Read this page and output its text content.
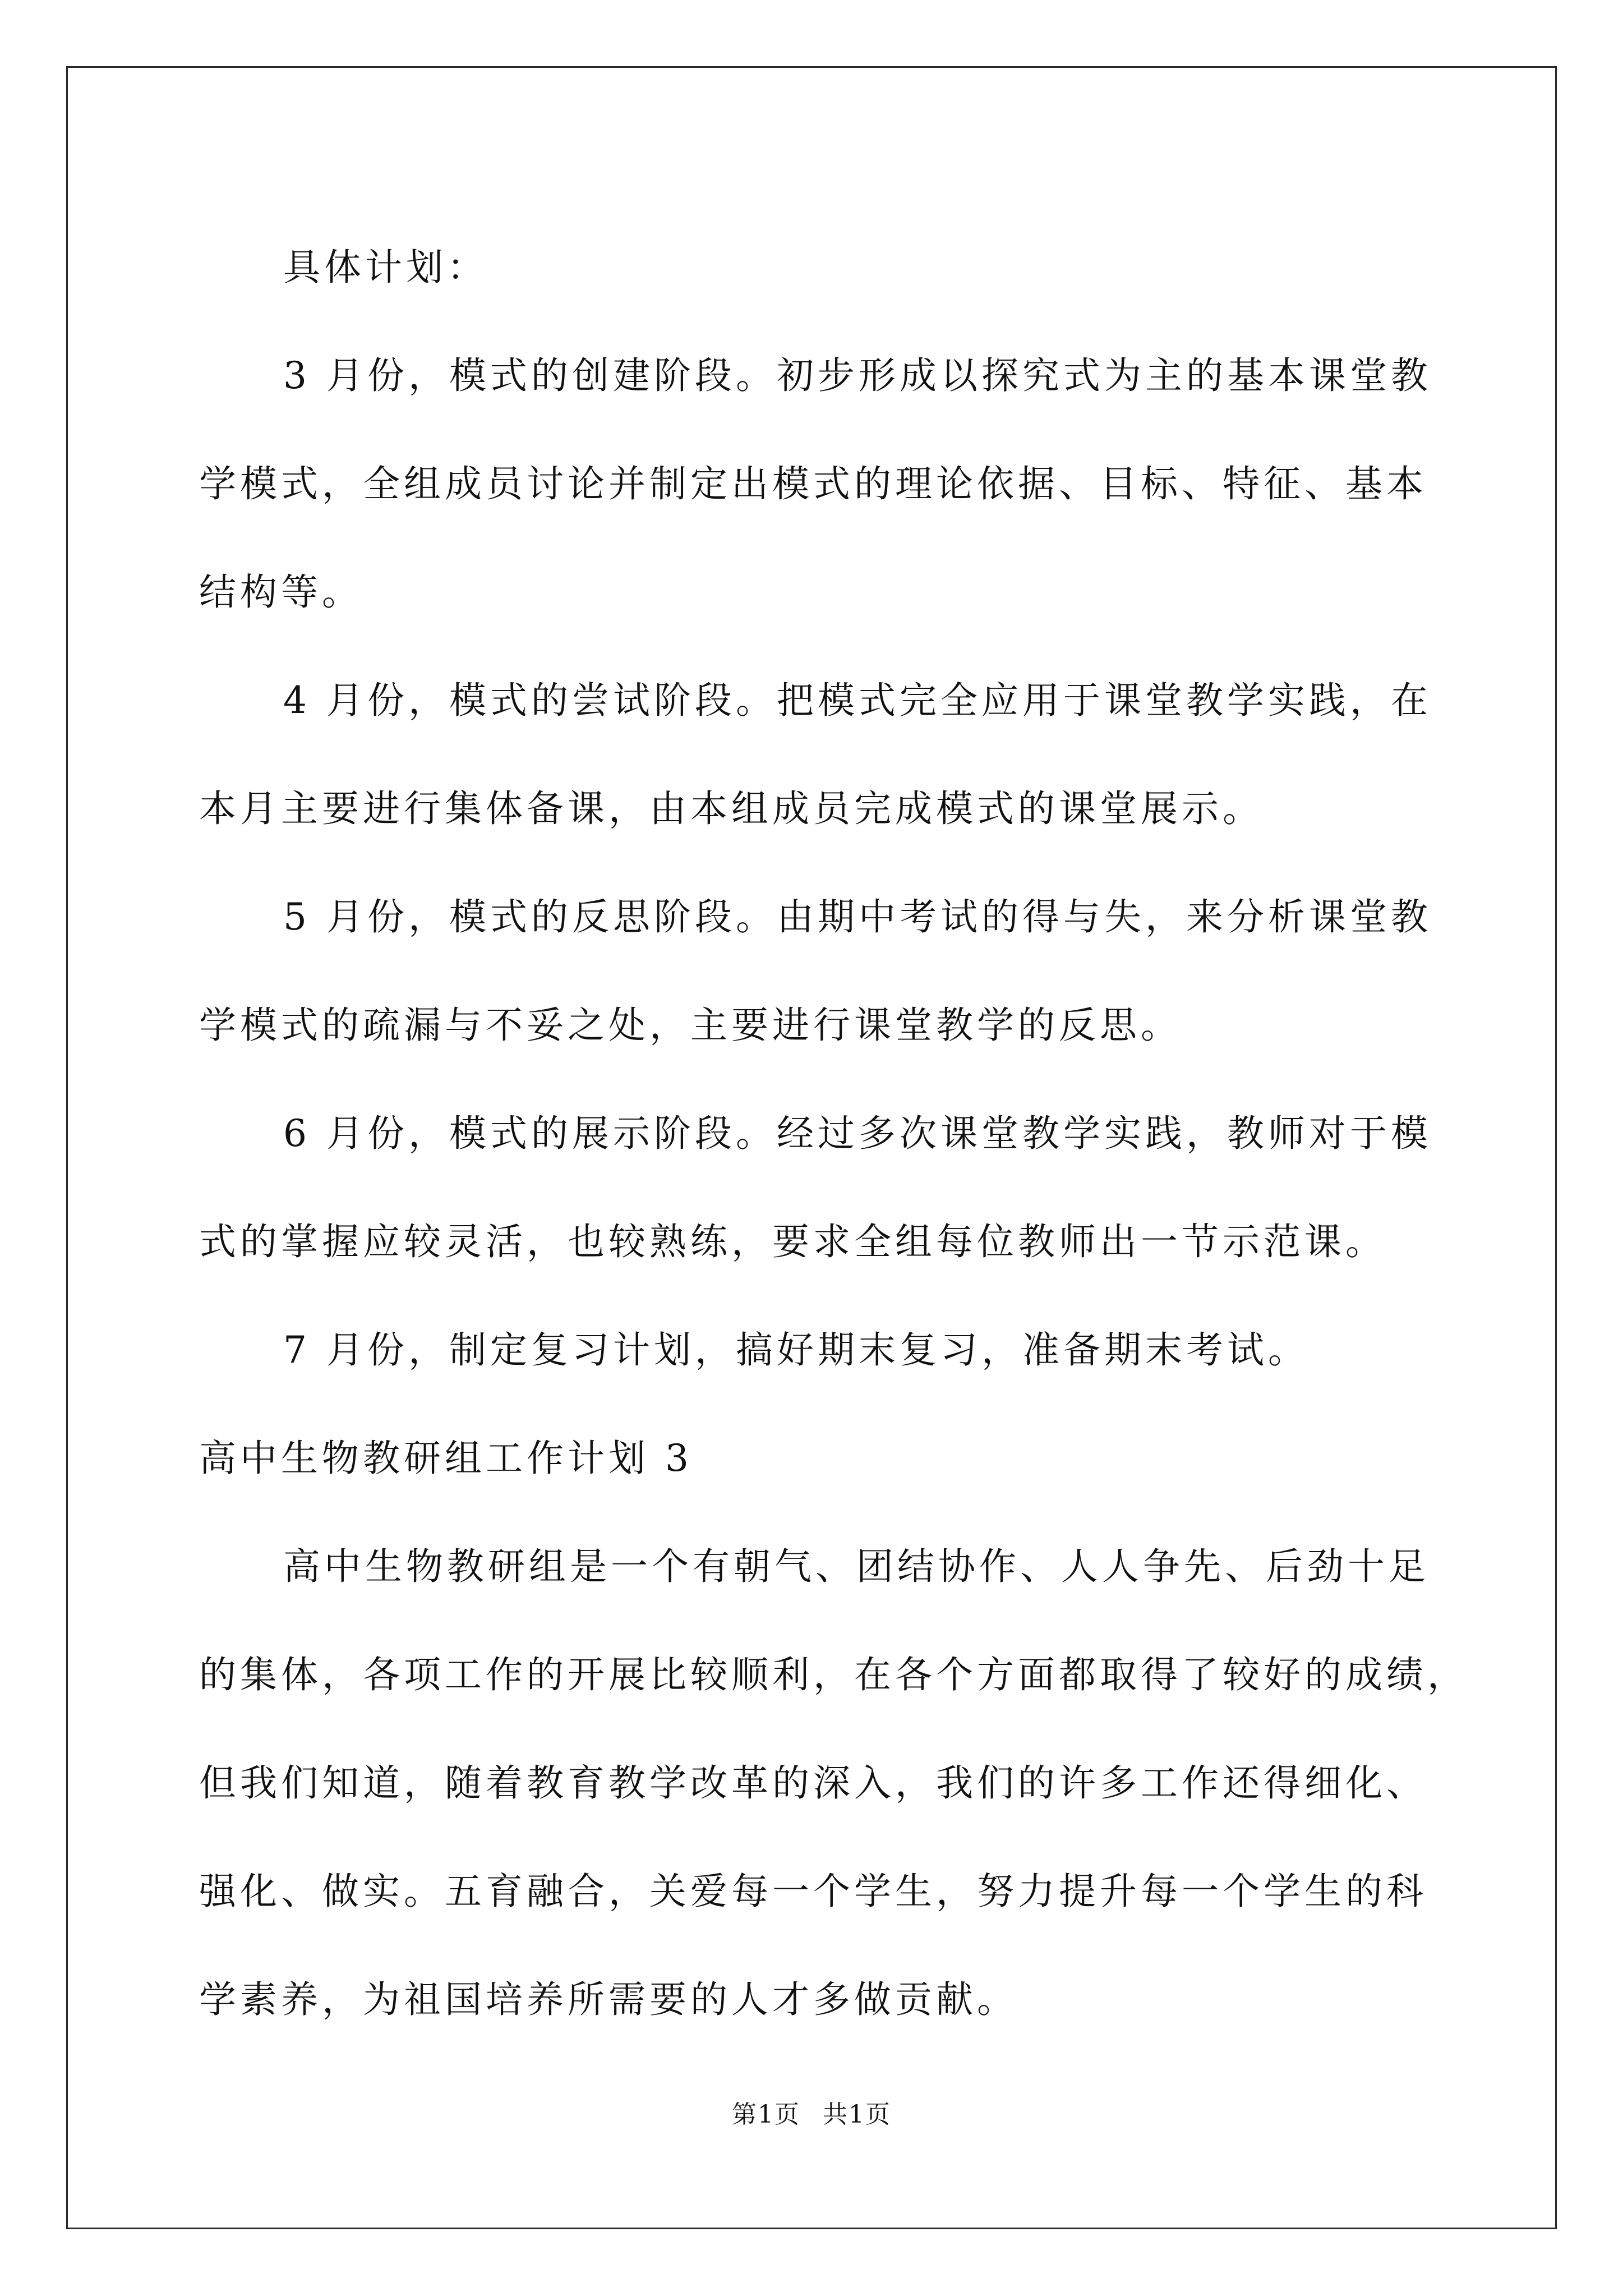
具体计划：
3 月份，模式的创建阶段。初步形成以探究式为主的基本课堂教
学模式，全组成员讨论并制定出模式的理论依据、目标、特征、基本
结构等。
4 月份，模式的尝试阶段。把模式完全应用于课堂教学实践，在
本月主要进行集体备课，由本组成员完成模式的课堂展示。
5 月份，模式的反思阶段。由期中考试的得与失，来分析课堂教
学模式的疏漏与不妥之处，主要进行课堂教学的反思。
6 月份，模式的展示阶段。经过多次课堂教学实践，教师对于模
式的掌握应较灵活，也较熟练，要求全组每位教师出一节示范课。
7 月份，制定复习计划，搞好期末复习，准备期末考试。
高中生物教研组工作计划 3
高中生物教研组是一个有朝气、团结协作、人人争先、后劲十足
的集体，各项工作的开展比较顺利，在各个方面都取得了较好的成绩，
但我们知道，随着教育教学改革的深入，我们的许多工作还得细化、
强化、做实。五育融合，关爱每一个学生，努力提升每一个学生的科
学素养，为祖国培养所需要的人才多做贡献。
第1页 共1页
